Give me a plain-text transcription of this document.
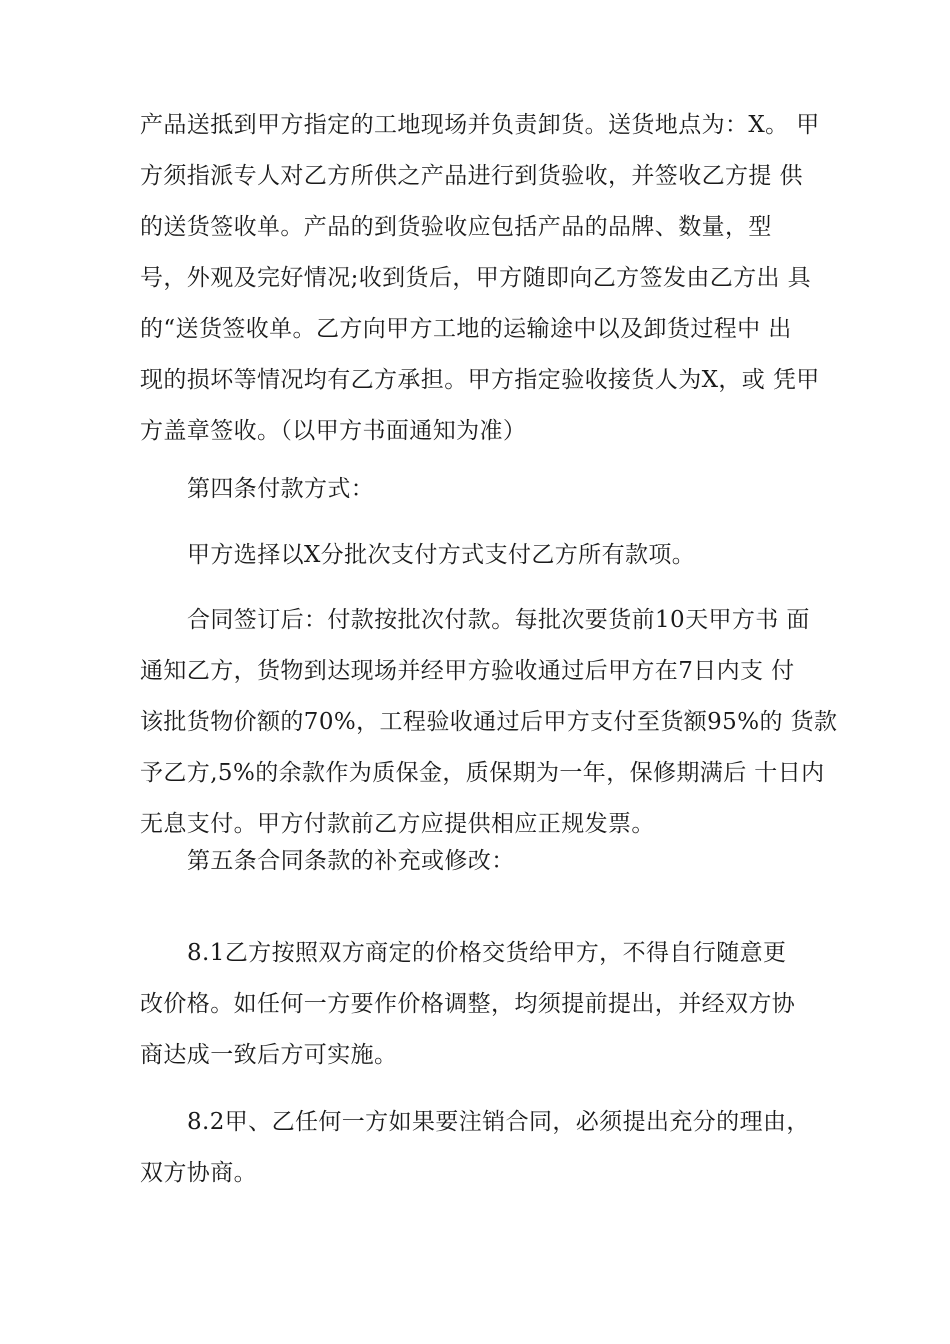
产品送抵到甲方指定的工地现场并负责卸货。送货地点为：X。 甲
方须指派专人对乙方所供之产品进行到货验收，并签收乙方提 供
的送货签收单。产品的到货验收应包括产品的品牌、数量，型
号，外观及完好情况;收到货后，甲方随即向乙方签发由乙方出 具
的“送货签收单。乙方向甲方工地的运输途中以及卸货过程中 出
现的损坏等情况均有乙方承担。甲方指定验收接货人为X，或 凭甲
方盖章签收。（以甲方书面通知为准）
第四条付款方式：
甲方选择以X分批次支付方式支付乙方所有款项。
合同签订后：付款按批次付款。每批次要货前10天甲方书 面
通知乙方，货物到达现场并经甲方验收通过后甲方在7日内支 付
该批货物价额的70%，工程验收通过后甲方支付至货额95%的 货款
予乙方,5%的余款作为质保金，质保期为一年，保修期满后 十日内
无息支付。甲方付款前乙方应提供相应正规发票。
第五条合同条款的补充或修改：
8.1乙方按照双方商定的价格交货给甲方，不得自行随意更
改价格。如任何一方要作价格调整，均须提前提出，并经双方协
商达成一致后方可实施。
8.2甲、乙任何一方如果要注销合同，必须提出充分的理由，
双方协商。
